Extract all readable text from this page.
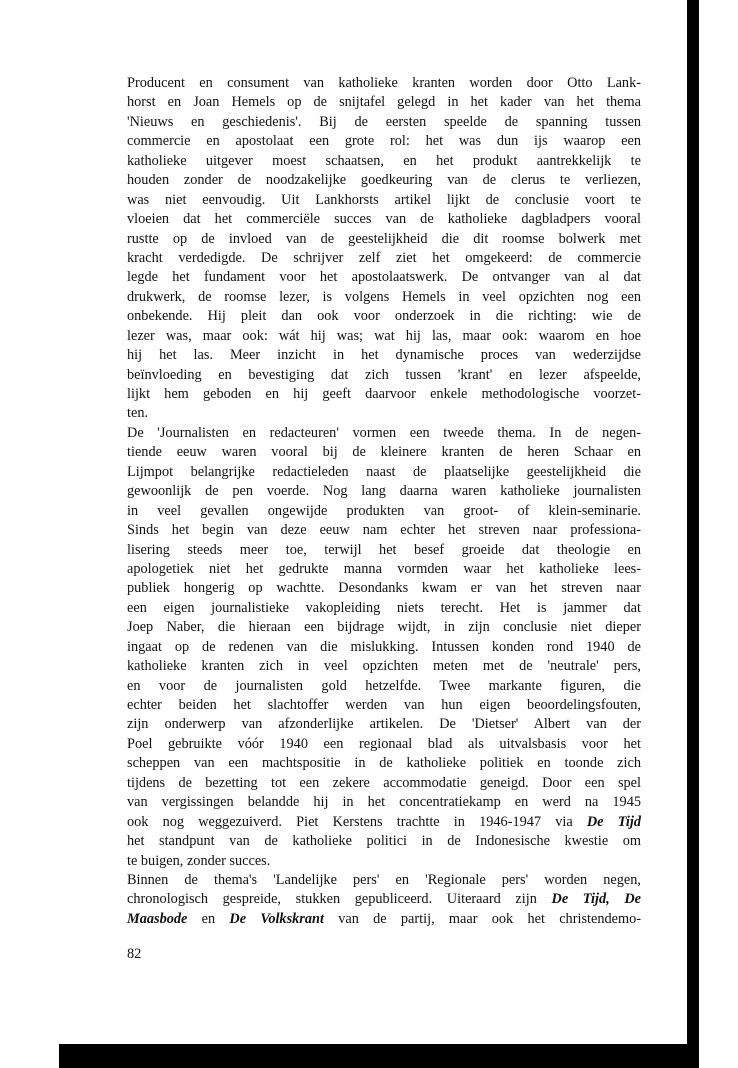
Producent en consument van katholieke kranten worden door Otto Lank-
horst en Joan Hemels op de snijtafel gelegd in het kader van het thema
'Nieuws en geschiedenis'. Bij de eersten speelde de spanning tussen
commercie en apostolaat een grote rol: het was dun ijs waarop een
katholieke uitgever moest schaatsen, en het produkt aantrekkelijk te
houden zonder de noodzakelijke goedkeuring van de clerus te verliezen,
was niet eenvoudig. Uit Lankhorsts artikel lijkt de conclusie voort te
vloeien dat het commerciële succes van de katholieke dagbladpers vooral
rustte op de invloed van de geestelijkheid die dit roomse bolwerk met
kracht verdedigde. De schrijver zelf ziet het omgekeerd: de commercie
legde het fundament voor het apostolaatswerk. De ontvanger van al dat
drukwerk, de roomse lezer, is volgens Hemels in veel opzichten nog een
onbekende. Hij pleit dan ook voor onderzoek in die richting: wie de
lezer was, maar ook: wát hij was; wat hij las, maar ook: waarom en hoe
hij het las. Meer inzicht in het dynamische proces van wederzijdse
beïnvloeding en bevestiging dat zich tussen 'krant' en lezer afspeelde,
lijkt hem geboden en hij geeft daarvoor enkele methodologische voorzet-
ten.
De 'Journalisten en redacteuren' vormen een tweede thema. In de negen-
tiende eeuw waren vooral bij de kleinere kranten de heren Schaar en
Lijmpot belangrijke redactieleden naast de plaatselijke geestelijkheid die
gewoonlijk de pen voerde. Nog lang daarna waren katholieke journalisten
in veel gevallen ongewijde produkten van groot- of klein-seminarie.
Sinds het begin van deze eeuw nam echter het streven naar professiona-
lisering steeds meer toe, terwijl het besef groeide dat theologie en
apologetiek niet het gedrukte manna vormden waar het katholieke lees-
publiek hongerig op wachtte. Desondanks kwam er van het streven naar
een eigen journalistieke vakopleiding niets terecht. Het is jammer dat
Joep Naber, die hieraan een bijdrage wijdt, in zijn conclusie niet dieper
ingaat op de redenen van die mislukking. Intussen konden rond 1940 de
katholieke kranten zich in veel opzichten meten met de 'neutrale' pers,
en voor de journalisten gold hetzelfde. Twee markante figuren, die
echter beiden het slachtoffer werden van hun eigen beoordelingsfouten,
zijn onderwerp van afzonderlijke artikelen. De 'Dietser' Albert van der
Poel gebruikte vóór 1940 een regionaal blad als uitvalsbasis voor het
scheppen van een machtspositie in de katholieke politiek en toonde zich
tijdens de bezetting tot een zekere accommodatie geneigd. Door een spel
van vergissingen belandde hij in het concentratiekamp en werd na 1945
ook nog weggezuiverd. Piet Kerstens trachtte in 1946-1947 via De Tijd
het standpunt van de katholieke politici in de Indonesische kwestie om
te buigen, zonder succes.
Binnen de thema's 'Landelijke pers' en 'Regionale pers' worden negen,
chronologisch gespreide, stukken gepubliceerd. Uiteraard zijn De Tijd, De
Maasbode en De Volkskrant van de partij, maar ook het christendemo-
82
